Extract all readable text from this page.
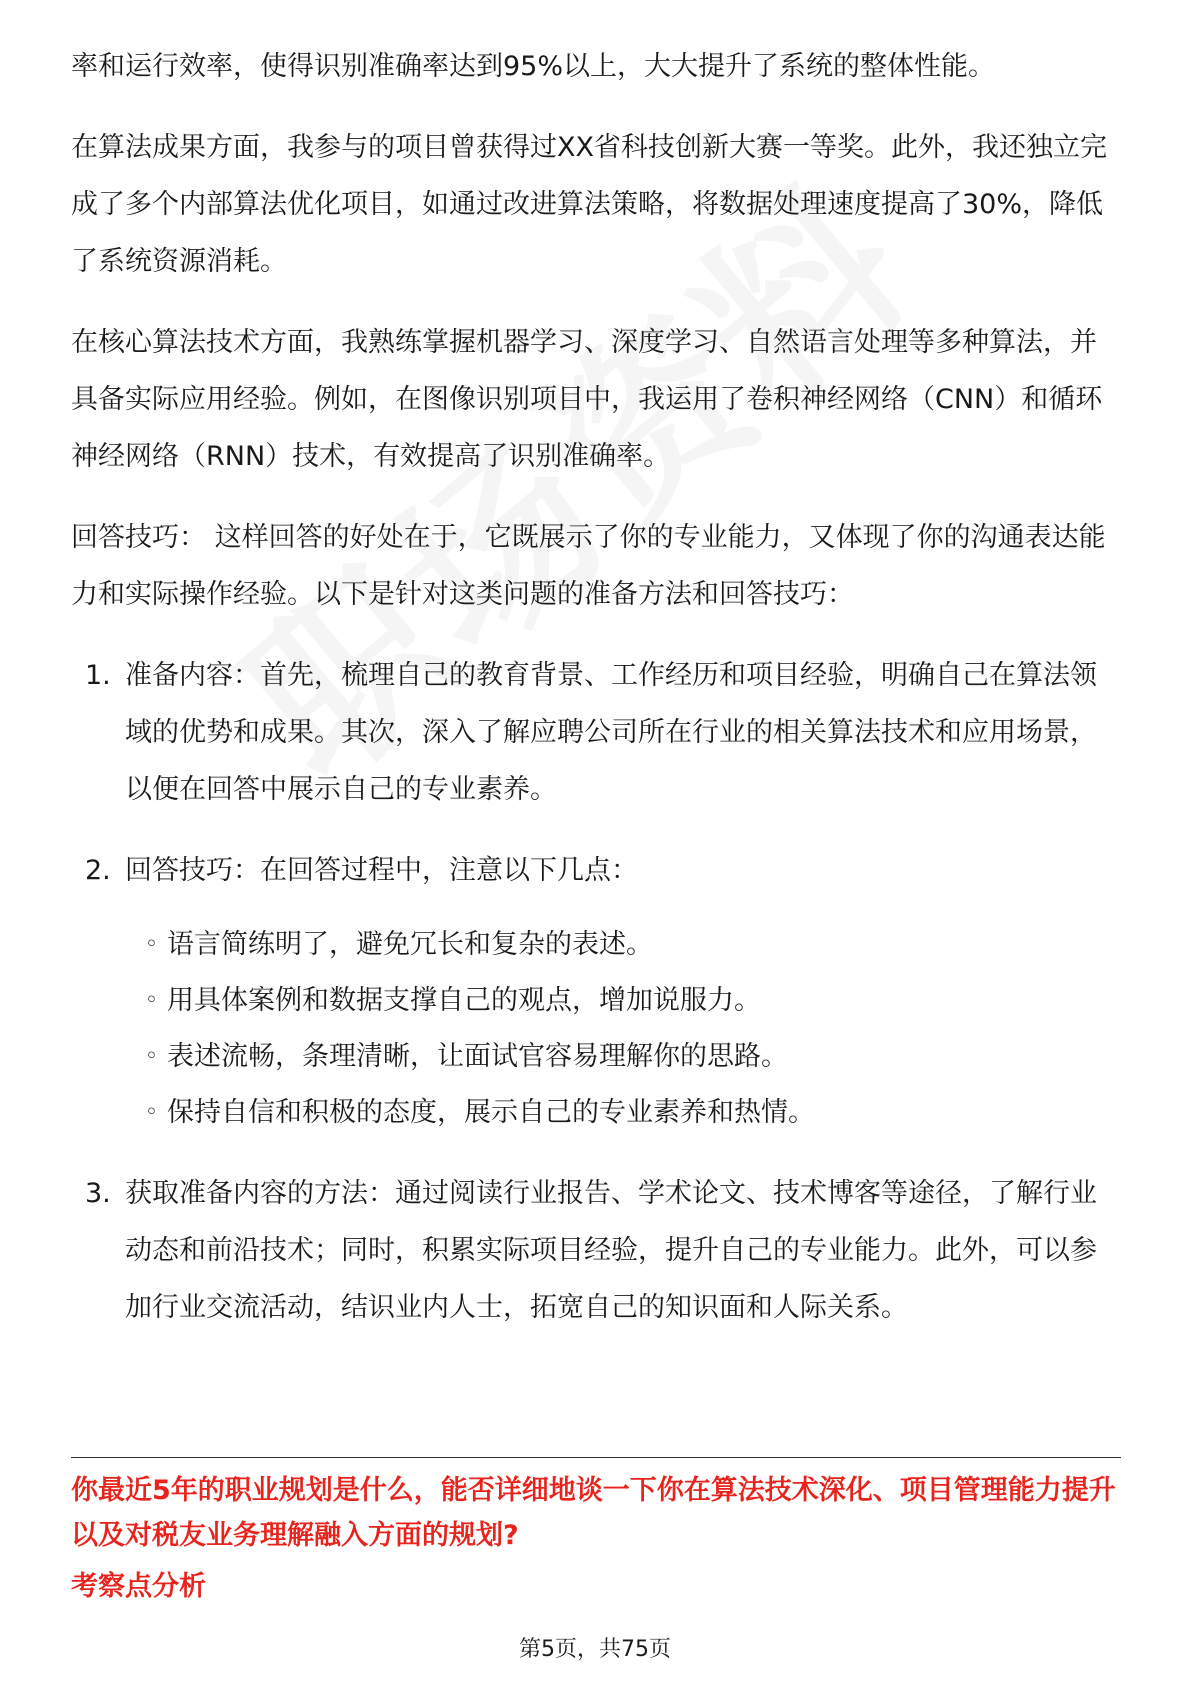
率和运行效率，使得识别准确率达到95%以上，大大提升了系统的整体性能。

在算法成果方面，我参与的项目曾获得过XX省科技创新大赛一等奖。此外，我还独立完成了多个内部算法优化项目，如通过改进算法策略，将数据处理速度提高了30%，降低了系统资源消耗。

在核心算法技术方面，我熟练掌握机器学习、深度学习、自然语言处理等多种算法，并具备实际应用经验。例如，在图像识别项目中，我运用了卷积神经网络（CNN）和循环神经网络（RNN）技术，有效提高了识别准确率。

回答技巧： 这样回答的好处在于，它既展示了你的专业能力，又体现了你的沟通表达能力和实际操作经验。以下是针对这类问题的准备方法和回答技巧：

1. 准备内容：首先，梳理自己的教育背景、工作经历和项目经验，明确自己在算法领域的优势和成果。其次，深入了解应聘公司所在行业的相关算法技术和应用场景，以便在回答中展示自己的专业素养。
2. 回答技巧：在回答过程中，注意以下几点：
◦ 语言简练明了，避免冗长和复杂的表述。
◦ 用具体案例和数据支撑自己的观点，增加说服力。
◦ 表述流畅，条理清晰，让面试官容易理解你的思路。
◦ 保持自信和积极的态度，展示自己的专业素养和热情。
3. 获取准备内容的方法：通过阅读行业报告、学术论文、技术博客等途径，了解行业动态和前沿技术；同时，积累实际项目经验，提升自己的专业能力。此外，可以参加行业交流活动，结识业内人士，拓宽自己的知识面和人际关系。
你最近5年的职业规划是什么，能否详细地谈一下你在算法技术深化、项目管理能力提升以及对税友业务理解融入方面的规划?
考察点分析
第5页，共75页
